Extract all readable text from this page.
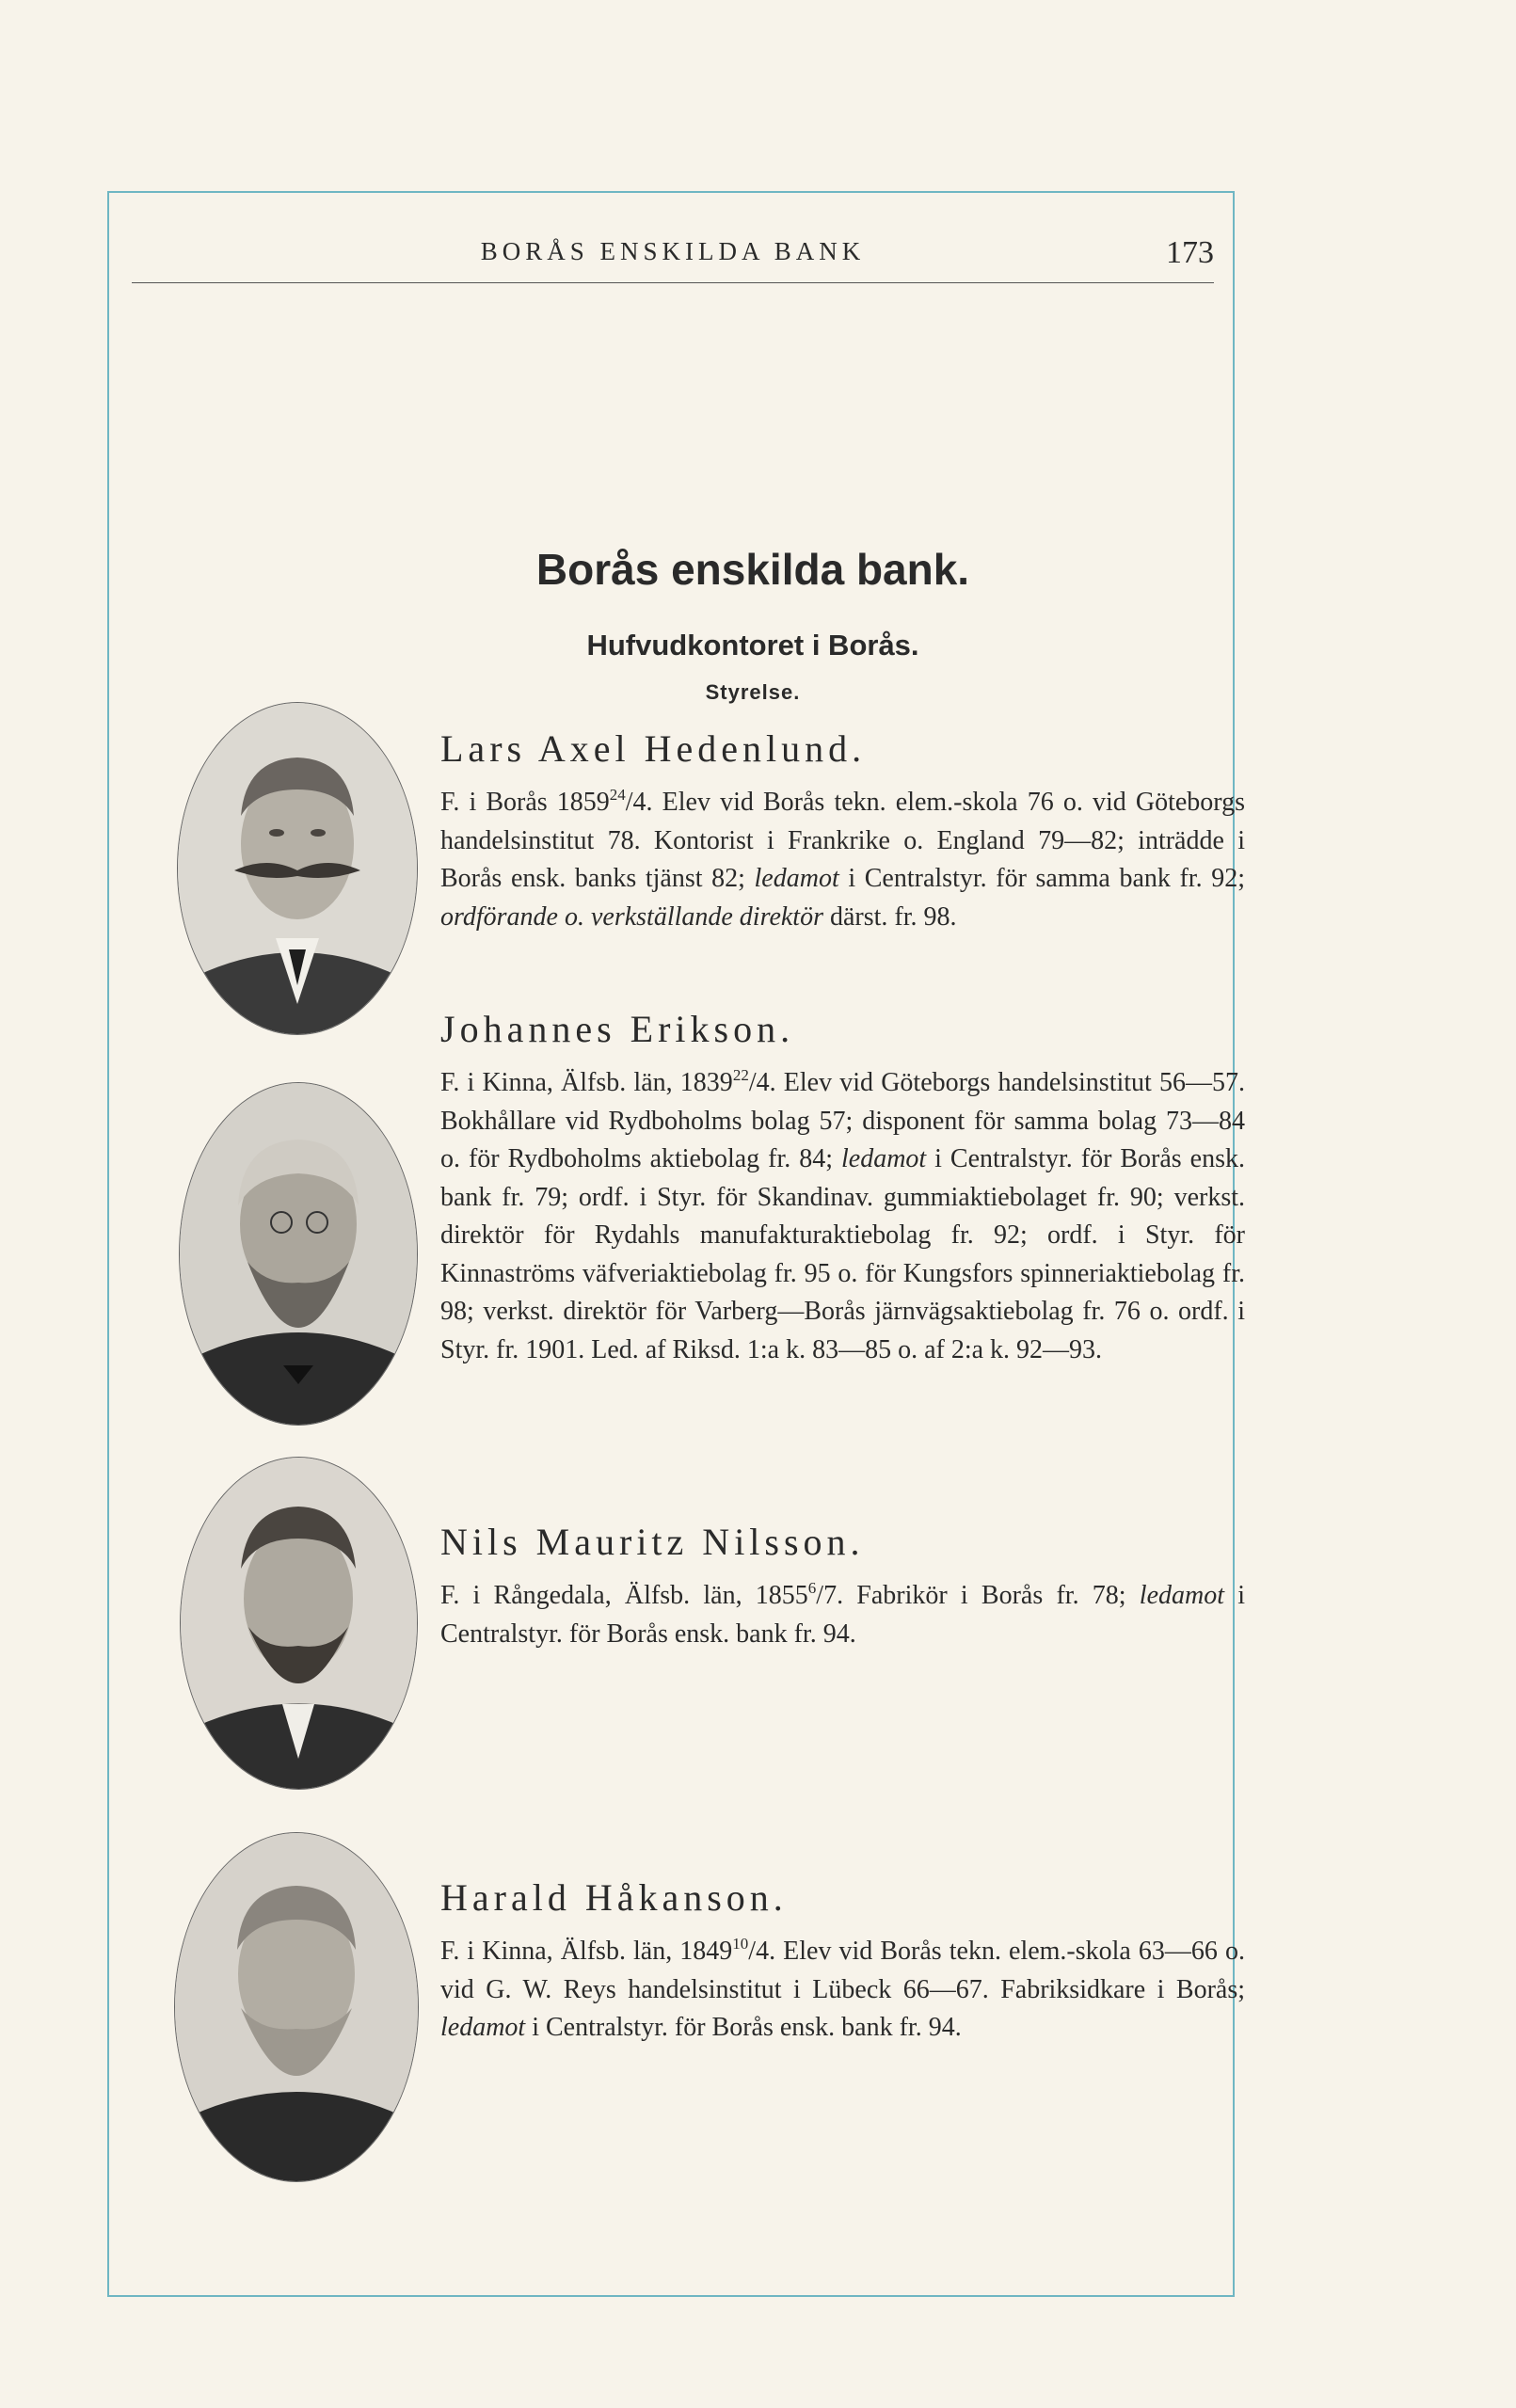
BORÅS ENSKILDA BANK	173
Borås enskilda bank.
Hufvudkontoret i Borås.
Styrelse.
Lars Axel Hedenlund.
F. i Borås 1859$^{24}$/4. Elev vid Borås tekn. elem.-skola 76 o. vid Göteborgs handelsinstitut 78. Kontorist i Frankrike o. England 79—82; inträdde i Borås ensk. banks tjänst 82; ledamot i Centralstyr. för samma bank fr. 92; ordförande o. verkställande direktör därst. fr. 98.
Johannes Erikson.
F. i Kinna, Älfsb. län, 1839$^{22}$/4. Elev vid Göteborgs handelsinstitut 56—57. Bokhållare vid Rydboholms bolag 57; disponent för samma bolag 73—84 o. för Rydboholms aktiebolag fr. 84; ledamot i Centralstyr. för Borås ensk. bank fr. 79; ordf. i Styr. för Skandinav. gummiaktiebolaget fr. 90; verkst. direktör för Rydahls manufakturaktiebolag fr. 92; ordf. i Styr. för Kinnaströms väfveriaktiebolag fr. 95 o. för Kungsfors spinneriaktiebolag fr. 98; verkst. direktör för Varberg—Borås järnvägsaktiebolag fr. 76 o. ordf. i Styr. fr. 1901. Led. af Riksd. 1:a k. 83—85 o. af 2:a k. 92—93.
Nils Mauritz Nilsson.
F. i Rångedala, Älfsb. län, 1855$^6$/7. Fabrikör i Borås fr. 78; ledamot i Centralstyr. för Borås ensk. bank fr. 94.
Harald Håkanson.
F. i Kinna, Älfsb. län, 1849$^{10}$/4. Elev vid Borås tekn. elem.-skola 63—66 o. vid G. W. Reys handelsinstitut i Lübeck 66—67. Fabriksidkare i Borås; ledamot i Centralstyr. för Borås ensk. bank fr. 94.
